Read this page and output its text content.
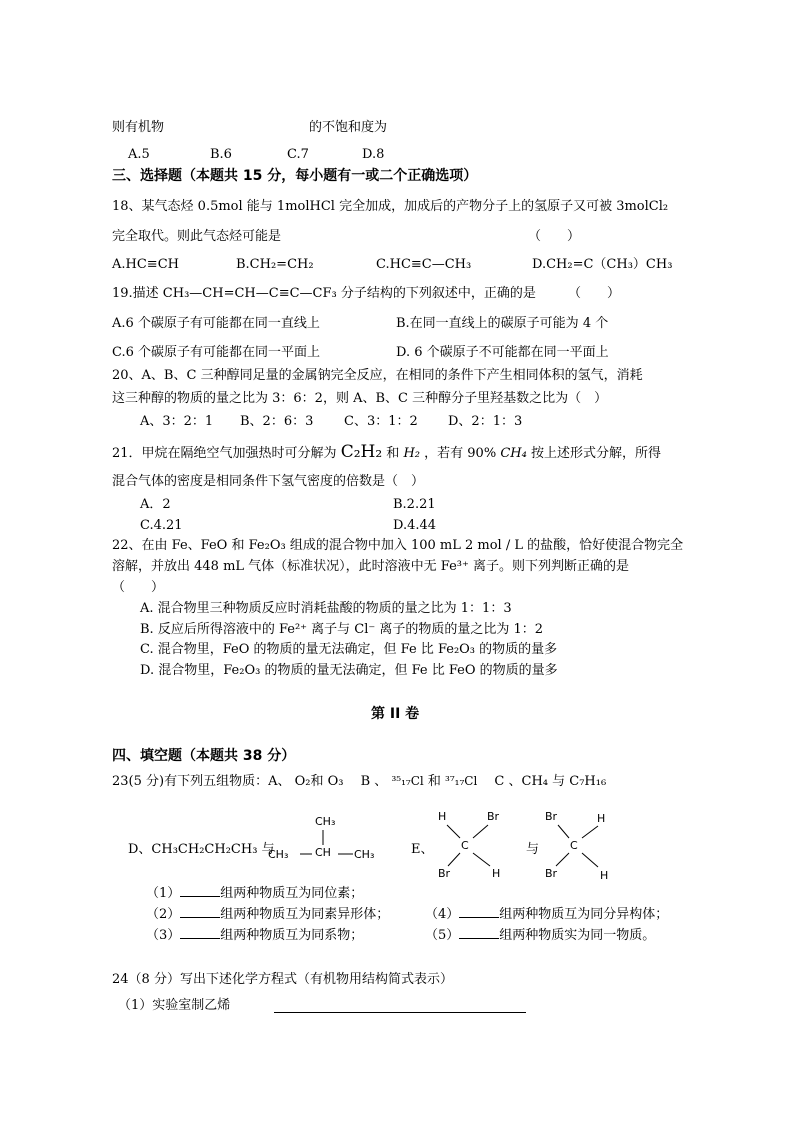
则有机物	的不饱和度为
A.5	B.6	C.7	D.8
三、选择题（本题共 15 分，每小题有一或二个正确选项）
18、某气态烃 0.5mol 能与 1molHCl 完全加成，加成后的产物分子上的氢原子又可被 3molCl₂
完全取代。则此气态烃可能是	（　　）
A.HC≡CH	B.CH₂=CH₂	C.HC≡C—CH₃	D.CH₂=C（CH₃）CH₃
19.描述 CH₃—CH=CH—C≡C—CF₃ 分子结构的下列叙述中，正确的是 （　　）
A.6 个碳原子有可能都在同一直线上	B.在同一直线上的碳原子可能为 4 个
C.6 个碳原子有可能都在同一平面上	D. 6 个碳原子不可能都在同一平面上
20、A、B、C 三种醇同足量的金属钠完全反应，在相同的条件下产生相同体积的氢气，消耗
这三种醇的物质的量之比为 3：6：2，则 A、B、C 三种醇分子里羟基数之比为（　）
A、3：2：1 B、2：6：3 C、3：1：2 D、2：1：3
21．甲烷在隔绝空气加强热时可分解为 C₂H₂ 和 H₂ ，若有 90% CH₄ 按上述形式分解，所得
混合气体的密度是相同条件下氢气密度的倍数是（　）
A．2	B.2.21
C.4.21	D.4.44
22、在由 Fe、FeO 和 Fe₂O₃ 组成的混合物中加入 100 mL 2 mol / L 的盐酸，恰好使混合物完全
溶解，并放出 448 mL 气体（标准状况），此时溶液中无 Fe³⁺ 离子。则下列判断正确的是
（　　）
A. 混合物里三种物质反应时消耗盐酸的物质的量之比为 1：1：3
B. 反应后所得溶液中的 Fe²⁺ 离子与 Cl⁻ 离子的物质的量之比为 1：2
C. 混合物里，FeO 的物质的量无法确定，但 Fe 比 Fe₂O₃ 的物质的量多
D. 混合物里，Fe₂O₃ 的物质的量无法确定，但 Fe 比 FeO 的物质的量多
第 II 卷
四、填空题（本题共 38 分）
23(5 分)有下列五组物质：A、 O₂和 O₃　 B 、 ³⁵₁₇Cl 和 ³⁷₁₇Cl 　C 、CH₄ 与 C₇H₁₆
D、CH₃CH₂CH₂CH₃ 与
CH₃
CH₃ CH CH₃	E、
H	Br
C
Br	H
与
Br	H
C
Br	H
（1）	组两种物质互为同位素；
（2）	组两种物质互为同素异形体；	（4）	组两种物质互为同分异构体；
（3）	组两种物质互为同系物；	（5）	组两种物质实为同一物质。
24（8 分）写出下述化学方程式（有机物用结构简式表示）
（1）实验室制乙烯
